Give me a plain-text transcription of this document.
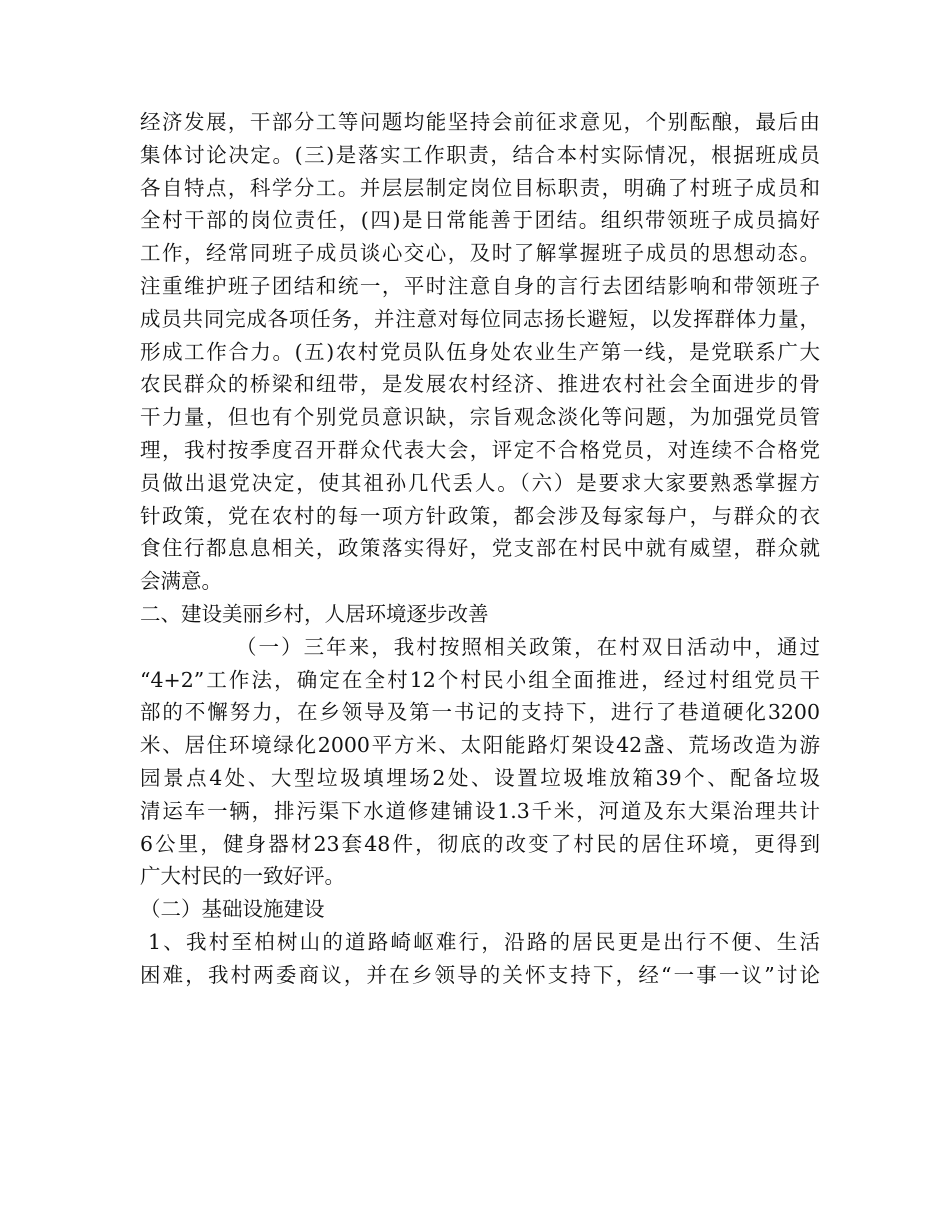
经济发展，干部分工等问题均能坚持会前征求意见，个别酝酿，最后由
集体讨论决定。(三)是落实工作职责，结合本村实际情况，根据班成员
各自特点，科学分工。并层层制定岗位目标职责，明确了村班子成员和
全村干部的岗位责任，(四)是日常能善于团结。组织带领班子成员搞好
工作，经常同班子成员谈心交心，及时了解掌握班子成员的思想动态。
注重维护班子团结和统一，平时注意自身的言行去团结影响和带领班子
成员共同完成各项任务，并注意对每位同志扬长避短，以发挥群体力量，
形成工作合力。(五)农村党员队伍身处农业生产第一线，是党联系广大
农民群众的桥梁和纽带，是发展农村经济、推进农村社会全面进步的骨
干力量，但也有个别党员意识缺，宗旨观念淡化等问题，为加强党员管
理，我村按季度召开群众代表大会，评定不合格党员，对连续不合格党
员做出退党决定，使其祖孙几代丢人。（六）是要求大家要熟悉掌握方
针政策，党在农村的每一项方针政策，都会涉及每家每户，与群众的衣
食住行都息息相关，政策落实得好，党支部在村民中就有威望，群众就
会满意。
二、建设美丽乡村，人居环境逐步改善
（一）三年来，我村按照相关政策，在村双日活动中，通过
“4+2”工作法，确定在全村12个村民小组全面推进，经过村组党员干
部的不懈努力，在乡领导及第一书记的支持下，进行了巷道硬化3200
米、居住环境绿化2000平方米、太阳能路灯架设42盏、荒场改造为游
园景点4处、大型垃圾填埋场2处、设置垃圾堆放箱39个、配备垃圾
清运车一辆，排污渠下水道修建铺设1.3千米，河道及东大渠治理共计
6公里，健身器材23套48件，彻底的改变了村民的居住环境，更得到
广大村民的一致好评。
（二）基础设施建设
1、我村至柏树山的道路崎岖难行，沿路的居民更是出行不便、生活
困难，我村两委商议，并在乡领导的关怀支持下，经“一事一议”讨论
